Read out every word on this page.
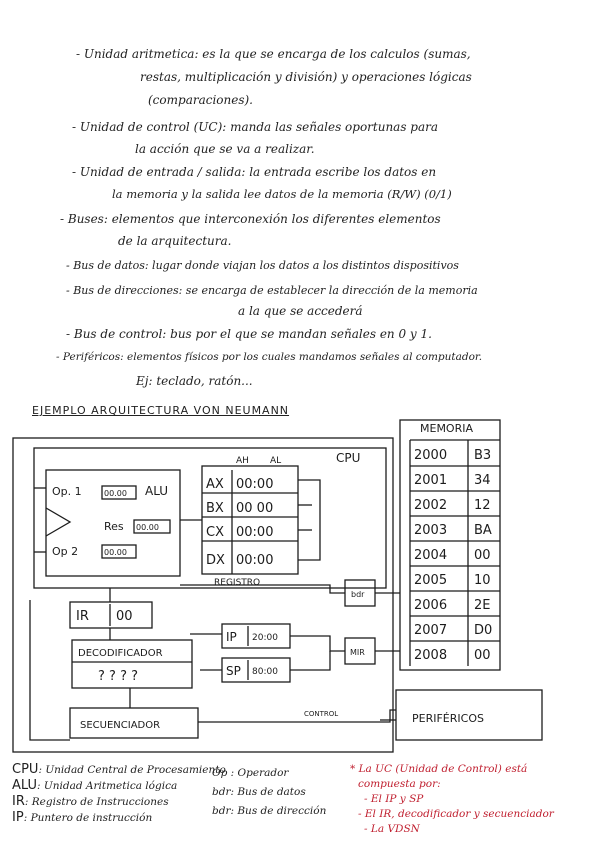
- Unidad aritmetica: es la que se encarga de los calculos (sumas,
restas, multiplicación y división) y operaciones lógicas
(comparaciones).
- Unidad de control (UC): manda las señales oportunas para
la acción que se va a realizar.
- Unidad de entrada / salida: la entrada escribe los datos en
la memoria y la salida lee datos de la memoria (R/W) (0/1)
- Buses: elementos que interconexión los diferentes elementos
de la arquitectura.
- Bus de datos: lugar donde viajan los datos a los distintos dispositivos
- Bus de direcciones: se encarga de establecer la dirección de la memoria
a la que se accederá
- Bus de control: bus por el que se mandan señales en 0 y 1.
- Periféricos: elementos físicos por los cuales mandamos señales al computador.
Ej: teclado, ratón...
EJEMPLO ARQUITECTURA VON NEUMANN
CPU
Op. 1	00.00 ALU
Res 00.00
Op 2	00.00
AH AL
AX 00:00
BX 00 00
CX 00:00
DX 00:00
REGISTRO
IR 00
DECODIFICADOR
? ? ? ?
IP 20:00
SP 80:00
bdr
MIR
SECUENCIADOR
CONTROL
MEMORIA
2000 B3
2001 34
2002 12
2003 BA
2004 00
2005 10
2006 2E
2007 D0
2008 00
PERIFÉRICOS
CPU: Unidad Central de Procesamiento
ALU: Unidad Aritmetica lógica
IR: Registro de Instrucciones
IP: Puntero de instrucción
Op : Operador
bdr: Bus de datos
bdr: Bus de dirección
* La UC (Unidad de Control) está
compuesta por:
- El IP y SP
- El IR, decodificador y secuenciador
- La VDSN
